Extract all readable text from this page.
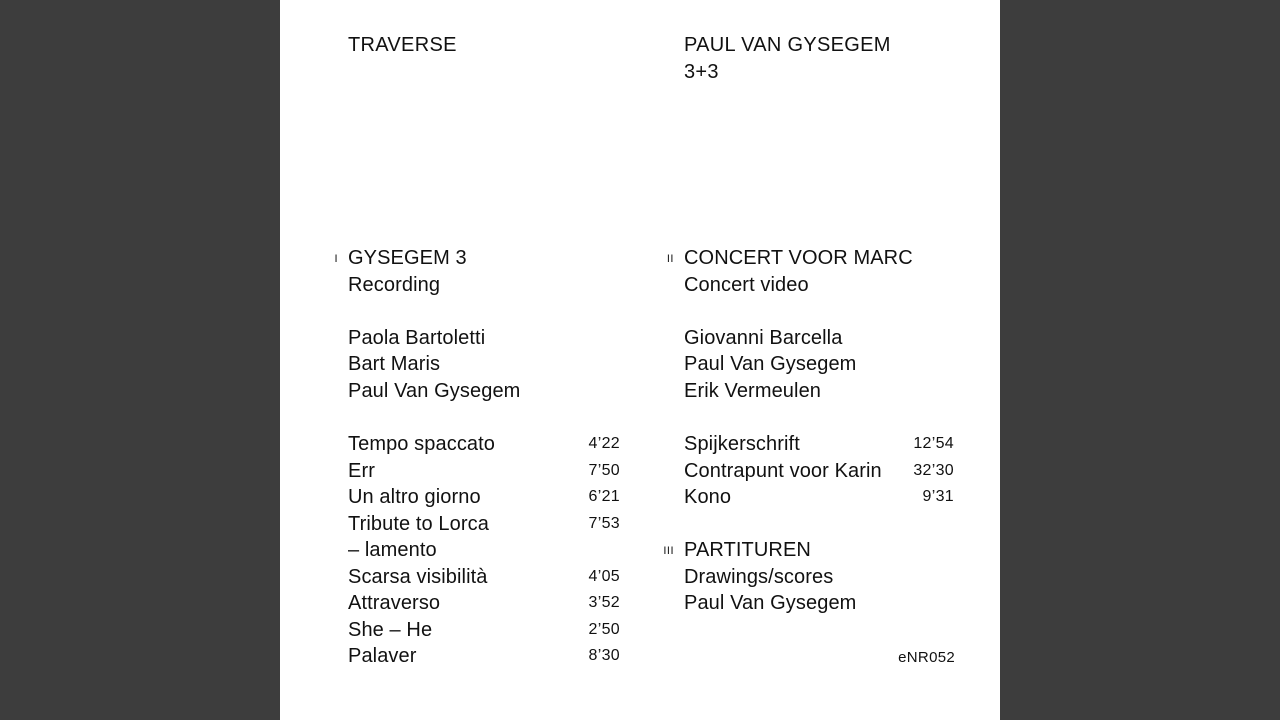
TRAVERSE	PAUL VAN GYSEGEM
3+3
I GYSEGEM 3
Recording
Paola Bartoletti
Bart Maris
Paul Van Gysegem
Tempo spaccato	4’22
Err	7’50
Un altro giorno	6’21
Tribute to Lorca	7’53
– lamento
Scarsa visibilità	4’05
Attraverso	3’52
She – He	2’50
Palaver	8’30
II CONCERT VOOR MARC
Concert video
Giovanni Barcella
Paul Van Gysegem
Erik Vermeulen
Spijkerschrift	12’54
Contrapunt voor Karin	32’30
Kono	9’31
III PARTITUREN
Drawings/scores
Paul Van Gysegem
eNR052
